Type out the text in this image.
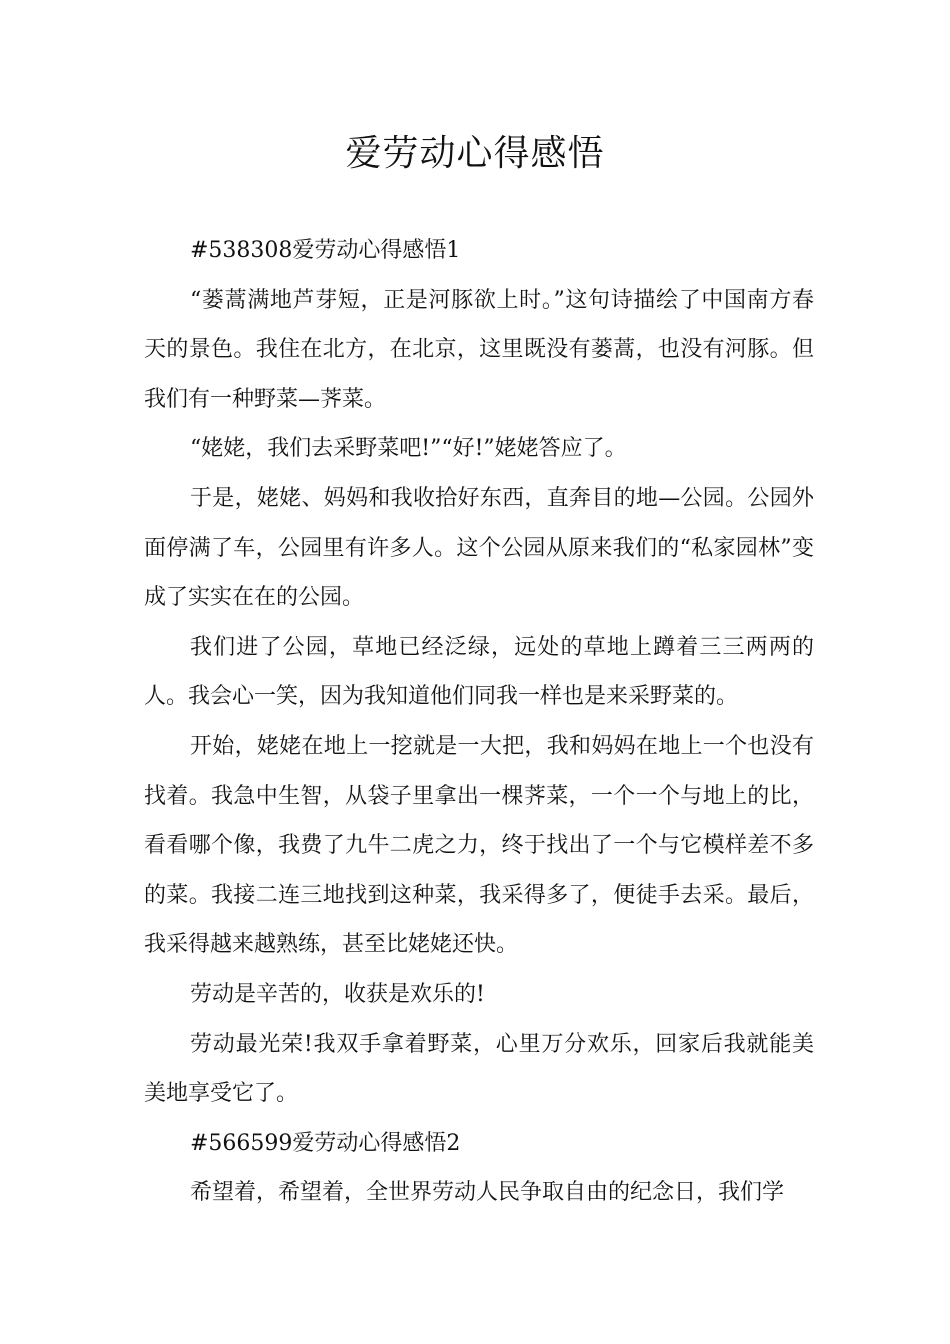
爱劳动心得感悟

#538308爱劳动心得感悟1

“蒌蒿满地芦芽短，正是河豚欲上时。”这句诗描绘了中国南方春天的景色。我住在北方，在北京，这里既没有蒌蒿，也没有河豚。但我们有一种野菜—荠菜。

“姥姥，我们去采野菜吧!”“好!”姥姥答应了。

于是，姥姥、妈妈和我收拾好东西，直奔目的地—公园。公园外面停满了车，公园里有许多人。这个公园从原来我们的“私家园林”变成了实实在在的公园。

我们进了公园，草地已经泛绿，远处的草地上蹲着三三两两的人。我会心一笑，因为我知道他们同我一样也是来采野菜的。

开始，姥姥在地上一挖就是一大把，我和妈妈在地上一个也没有找着。我急中生智，从袋子里拿出一棵荠菜，一个一个与地上的比，看看哪个像，我费了九牛二虎之力，终于找出了一个与它模样差不多的菜。我接二连三地找到这种菜，我采得多了，便徒手去采。最后，我采得越来越熟练，甚至比姥姥还快。

劳动是辛苦的，收获是欢乐的!

劳动最光荣!我双手拿着野菜，心里万分欢乐，回家后我就能美美地享受它了。

#566599爱劳动心得感悟2

希望着，希望着，全世界劳动人民争取自由的纪念日，我们学
